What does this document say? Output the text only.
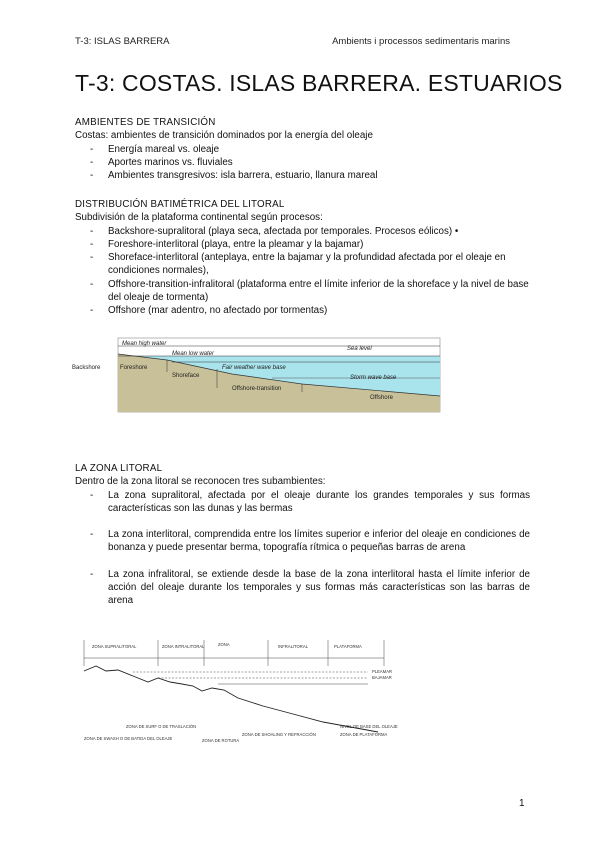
T-3: ISLAS BARRERA	Ambients i processos sedimentaris marins
T-3: COSTAS. ISLAS BARRERA. ESTUARIOS
AMBIENTES DE TRANSICIÓN
Costas: ambientes de transición dominados por la energía del oleaje
-	Energía mareal vs. oleaje
-	Aportes marinos vs. fluviales
-	Ambientes transgresivos: isla barrera, estuario, llanura mareal
DISTRIBUCIÓN BATIMÉTRICA DEL LITORAL
Subdivisión de la plataforma continental según procesos:
-	Backshore-supralitoral (playa seca, afectada por temporales. Procesos eólicos) •
-	Foreshore-interlitoral (playa, entre la pleamar y la bajamar)
-	Shoreface-interlitoral (anteplaya, entre la bajamar y la profundidad afectada por el oleaje en condiciones normales),
-	Offshore-transition-infralitoral (plataforma entre el límite inferior de la shoreface y la nivel de base del oleaje de tormenta)
-	Offshore (mar adentro, no afectado por tormentas)
Backshore	Foreshore
Shoreface
Offshore-transition
Offshore
Mean high water
Mean low water
Sea level
Fair weather wave base
Storm wave base
LA ZONA LITORAL
Dentro de la zona litoral se reconocen tres subambientes:
-	La zona supralitoral, afectada por el oleaje durante los grandes temporales y sus formas características son las dunas y las bermas
-	La zona interlitoral, comprendida entre los límites superior e inferior del oleaje en condiciones de bonanza y puede presentar berma, topografía rítmica o pequeñas barras de arena
-	La zona infralitoral, se extiende desde la base de la zona interlitoral hasta el límite inferior de acción del oleaje durante los temporales y sus formas más características son las barras de arena
ZONA SUPRALITORAL	ZONA INTRALITORAL	ZONA	INFRALITORAL	PLATAFORMA
NIVEL DE BASE DEL OLEAJE
ZONA DE SURF O DE TRASLACIÓN
ZONA DE SWASH O DE BATIDA DEL OLEAJE	ZONA DE ROTURA
ZONA DE SHOALING Y REFRACCIÓN	ZONA DE PLATAFORMA
PLEAMAR
BAJAMAR
1
